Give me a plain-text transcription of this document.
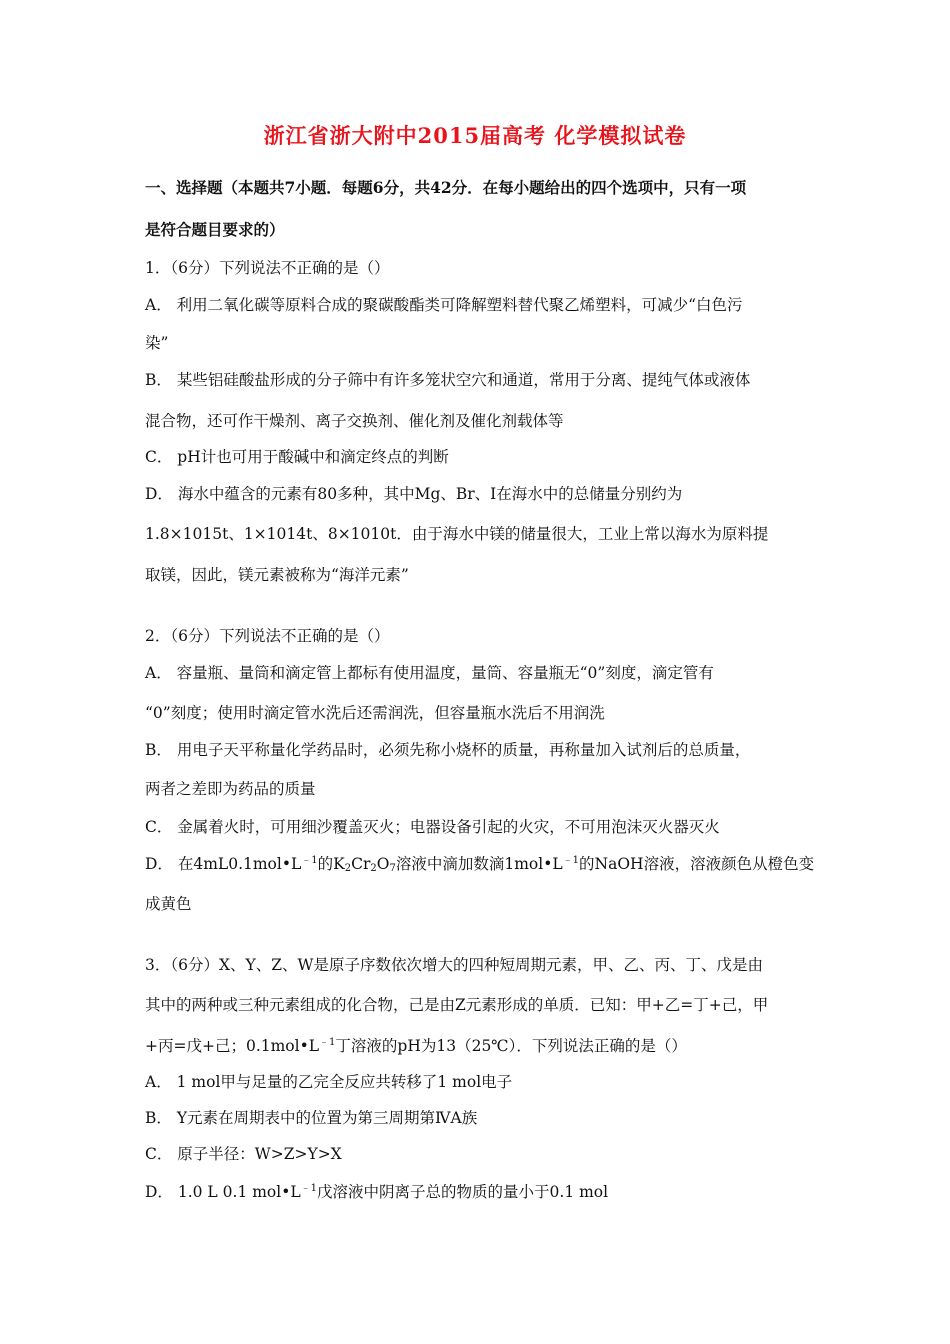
浙江省浙大附中2015届高考 化学模拟试卷
一、选择题（本题共7小题．每题6分，共42分．在每小题给出的四个选项中，只有一项
是符合题目要求的）
1．（6分）下列说法不正确的是（）
A． 利用二氧化碳等原料合成的聚碳酸酯类可降解塑料替代聚乙烯塑料，可减少“白色污
染”
B． 某些铝硅酸盐形成的分子筛中有许多笼状空穴和通道，常用于分离、提纯气体或液体
混合物，还可作干燥剂、离子交换剂、催化剂及催化剂载体等
C． pH计也可用于酸碱中和滴定终点的判断
D． 海水中蕴含的元素有80多种，其中Mg、Br、I在海水中的总储量分别约为
1.8×1015t、1×1014t、8×1010t．由于海水中镁的储量很大，工业上常以海水为原料提
取镁，因此，镁元素被称为“海洋元素”
2．（6分）下列说法不正确的是（）
A． 容量瓶、量筒和滴定管上都标有使用温度，量筒、容量瓶无“0”刻度，滴定管有
“0”刻度；使用时滴定管水洗后还需润洗，但容量瓶水洗后不用润洗
B． 用电子天平称量化学药品时，必须先称小烧杯的质量，再称量加入试剂后的总质量，
两者之差即为药品的质量
C． 金属着火时，可用细沙覆盖灭火；电器设备引起的火灾，不可用泡沫灭火器灭火
D． 在$4mL0.1mol•L^{﹣1}$的$K_2Cr_2O_7$溶液中滴加数滴$1mol•L^{﹣1}$的NaOH溶液，溶液颜色从橙色变
成黄色
3．（6分）X、Y、Z、W是原子序数依次增大的四种短周期元素，甲、乙、丙、丁、戊是由
其中的两种或三种元素组成的化合物，己是由Z元素形成的单质．已知：甲+乙=丁+己，甲
+丙=戊+己；$0.1mol•L^{﹣1}$丁溶液的pH为13（25℃）．下列说法正确的是（）
A． 1 mol甲与足量的乙完全反应共转移了1 mol电子
B． Y元素在周期表中的位置为第三周期第ⅣA族
C． 原子半径：W>Z>Y>X
D． 1.0 L 0.1 $mol•L^{﹣1}$戊溶液中阴离子总的物质的量小于0.1 mol
